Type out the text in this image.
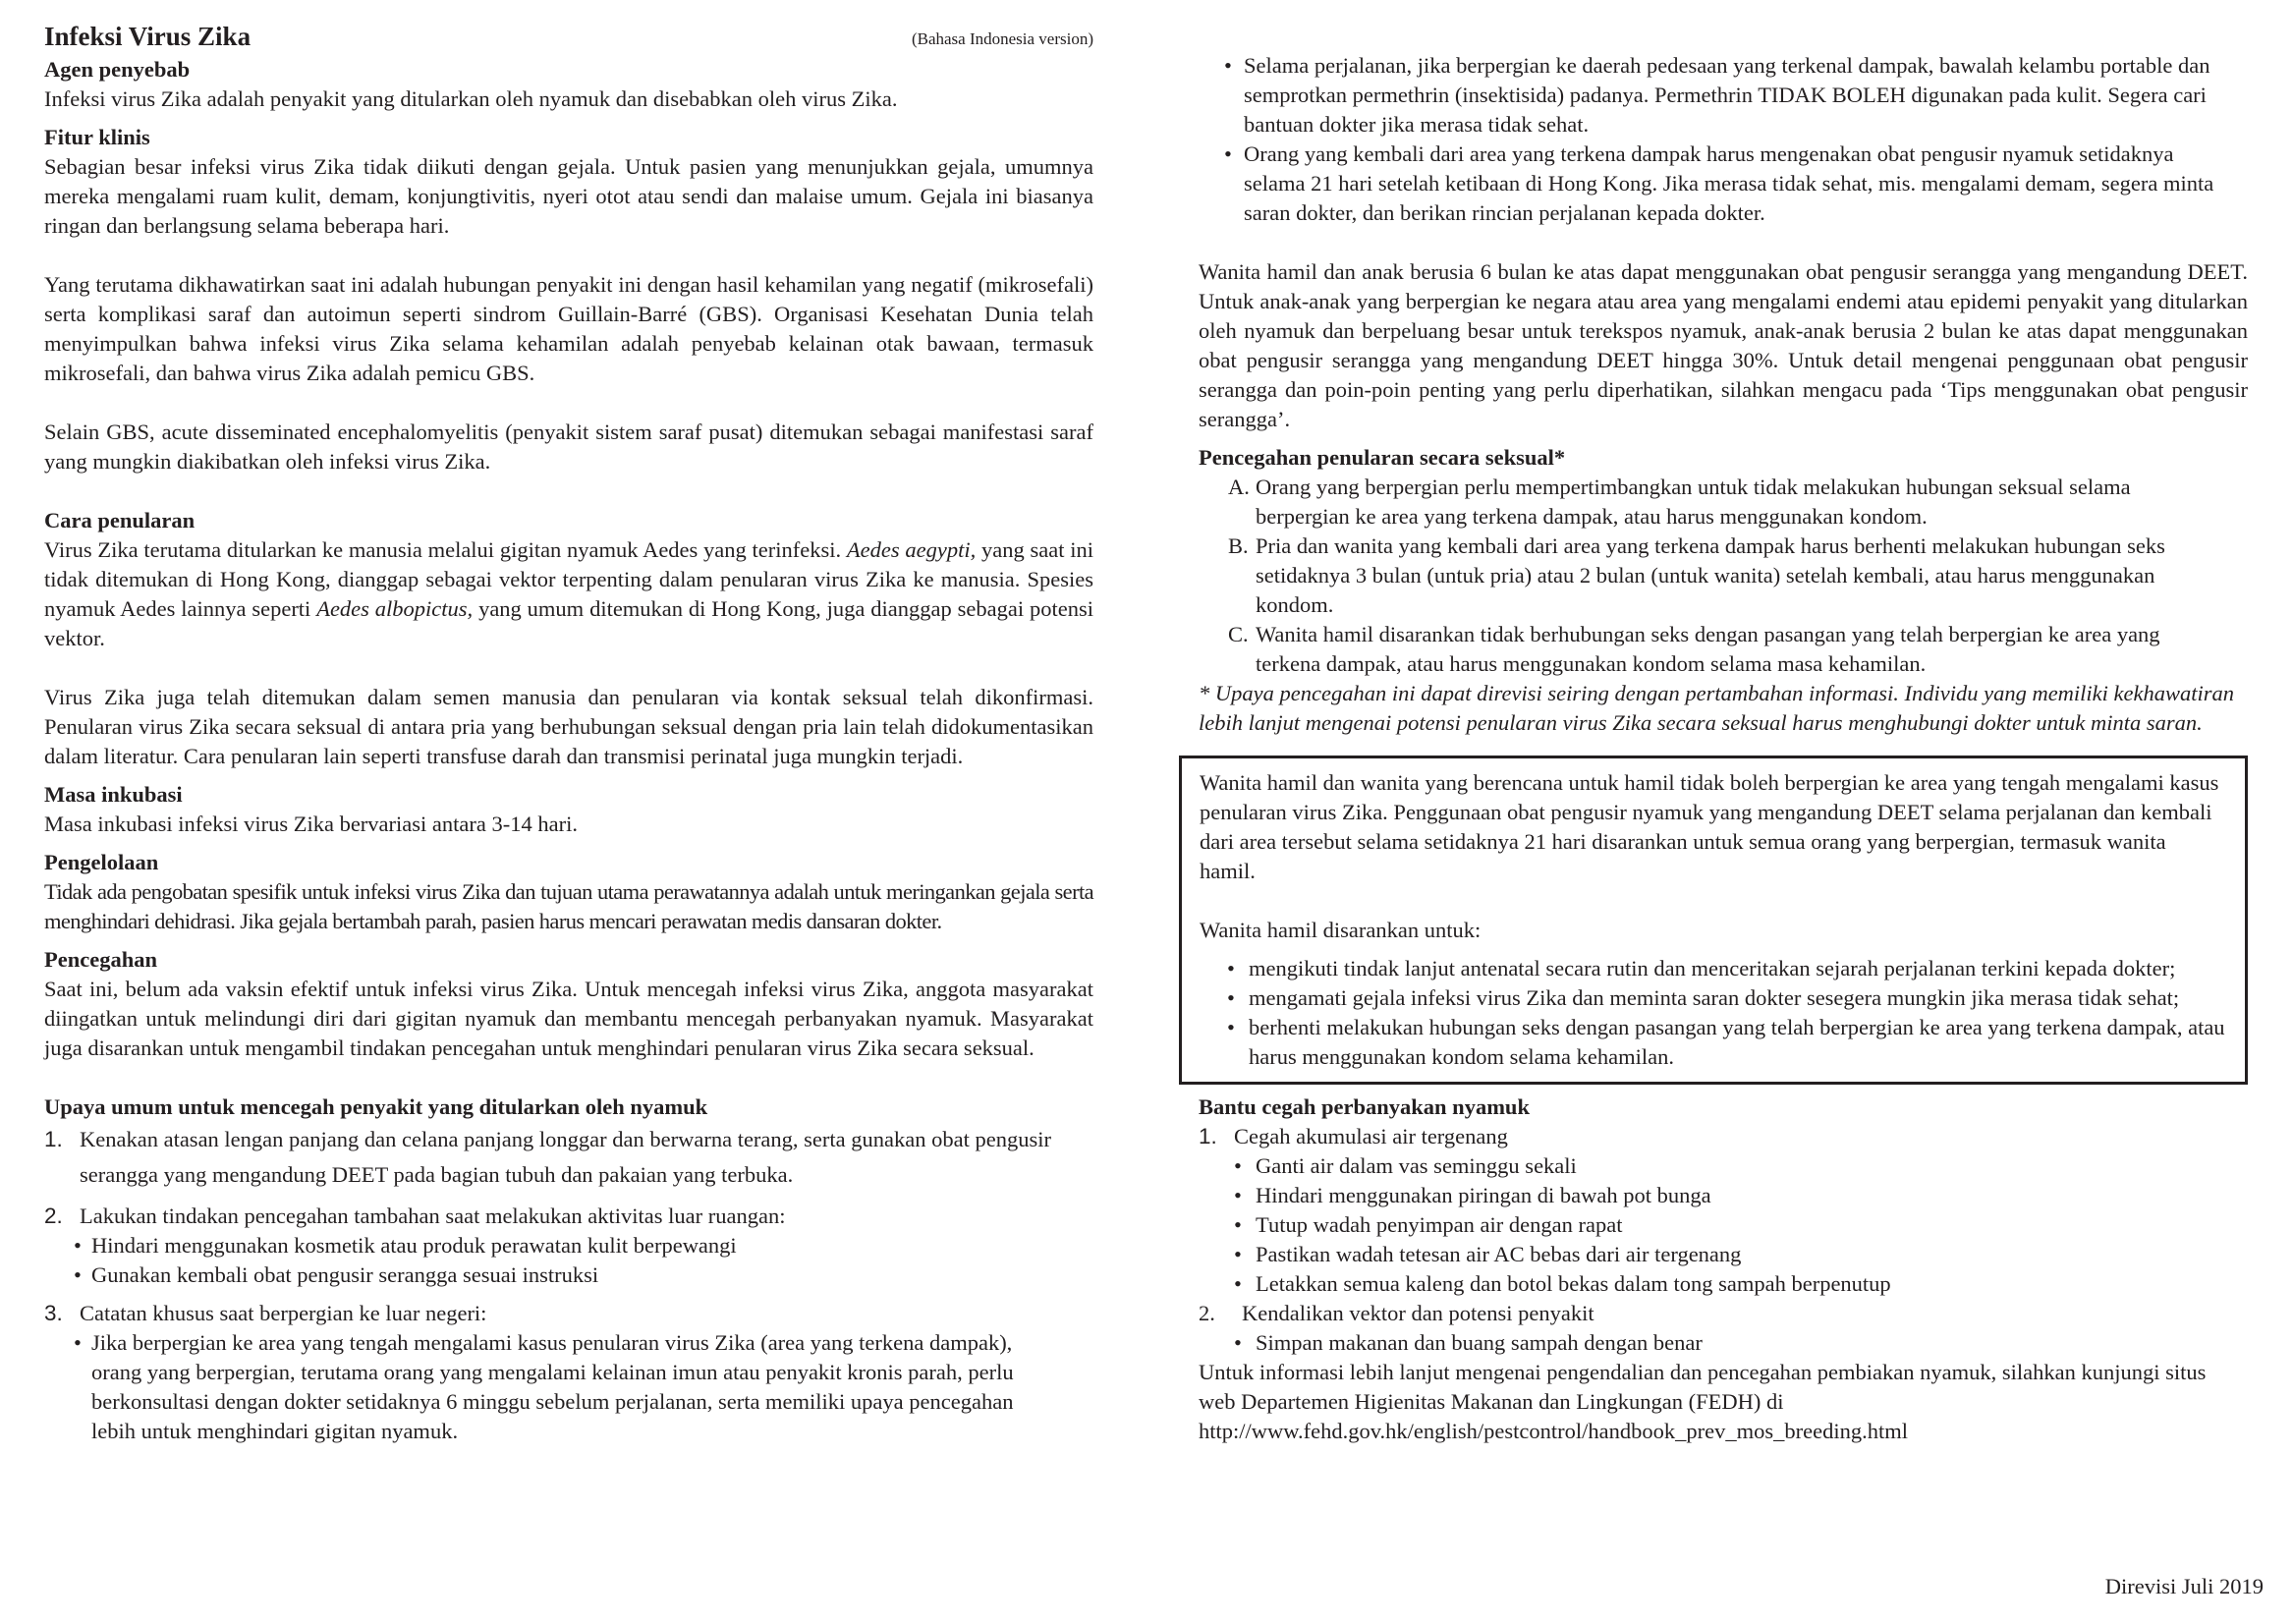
Infeksi Virus Zika	(Bahasa Indonesia version)
Agen penyebab

Infeksi virus Zika adalah penyakit yang ditularkan oleh nyamuk dan disebabkan oleh virus Zika.

Fitur klinis

Sebagian besar infeksi virus Zika tidak diikuti dengan gejala. Untuk pasien yang menunjukkan gejala, umumnya mereka mengalami ruam kulit, demam, konjungtivitis, nyeri otot atau sendi dan malaise umum. Gejala ini biasanya ringan dan berlangsung selama beberapa hari.

Yang terutama dikhawatirkan saat ini adalah hubungan penyakit ini dengan hasil kehamilan yang negatif (mikrosefali) serta komplikasi saraf dan autoimun seperti sindrom Guillain-Barré (GBS). Organisasi Kesehatan Dunia telah menyimpulkan bahwa infeksi virus Zika selama kehamilan adalah penyebab kelainan otak bawaan, termasuk mikrosefali, dan bahwa virus Zika adalah pemicu GBS.

Selain GBS, acute disseminated encephalomyelitis (penyakit sistem saraf pusat) ditemukan sebagai manifestasi saraf yang mungkin diakibatkan oleh infeksi virus Zika.

Cara penularan

Virus Zika terutama ditularkan ke manusia melalui gigitan nyamuk Aedes yang terinfeksi. Aedes aegypti, yang saat ini tidak ditemukan di Hong Kong, dianggap sebagai vektor terpenting dalam penularan virus Zika ke manusia. Spesies nyamuk Aedes lainnya seperti Aedes albopictus, yang umum ditemukan di Hong Kong, juga dianggap sebagai potensi vektor.

Virus Zika juga telah ditemukan dalam semen manusia dan penularan via kontak seksual telah dikonfirmasi. Penularan virus Zika secara seksual di antara pria yang berhubungan seksual dengan pria lain telah didokumentasikan dalam literatur. Cara penularan lain seperti transfuse darah dan transmisi perinatal juga mungkin terjadi.

Masa inkubasi

Masa inkubasi infeksi virus Zika bervariasi antara 3-14 hari.

Pengelolaan

Tidak ada pengobatan spesifik untuk infeksi virus Zika dan tujuan utama perawatannya adalah untuk meringankan gejala serta menghindari dehidrasi. Jika gejala bertambah parah, pasien harus mencari perawatan medis dansaran dokter.

Pencegahan

Saat ini, belum ada vaksin efektif untuk infeksi virus Zika. Untuk mencegah infeksi virus Zika, anggota masyarakat diingatkan untuk melindungi diri dari gigitan nyamuk dan membantu mencegah perbanyakan nyamuk. Masyarakat juga disarankan untuk mengambil tindakan pencegahan untuk menghindari penularan virus Zika secara seksual.

Upaya umum untuk mencegah penyakit yang ditularkan oleh nyamuk
1. Kenakan atasan lengan panjang dan celana panjang longgar dan berwarna terang, serta gunakan obat pengusir serangga yang mengandung DEET pada bagian tubuh dan pakaian yang terbuka.
2. Lakukan tindakan pencegahan tambahan saat melakukan aktivitas luar ruangan:
• Hindari menggunakan kosmetik atau produk perawatan kulit berpewangi
• Gunakan kembali obat pengusir serangga sesuai instruksi
3. Catatan khusus saat berpergian ke luar negeri:
• Jika berpergian ke area yang tengah mengalami kasus penularan virus Zika (area yang terkena dampak), orang yang berpergian, terutama orang yang mengalami kelainan imun atau penyakit kronis parah, perlu berkonsultasi dengan dokter setidaknya 6 minggu sebelum perjalanan, serta memiliki upaya pencegahan lebih untuk menghindari gigitan nyamuk.
• Selama perjalanan, jika berpergian ke daerah pedesaan yang terkenal dampak, bawalah kelambu portable dan semprotkan permethrin (insektisida) padanya. Permethrin TIDAK BOLEH digunakan pada kulit. Segera cari bantuan dokter jika merasa tidak sehat.
• Orang yang kembali dari area yang terkena dampak harus mengenakan obat pengusir nyamuk setidaknya selama 21 hari setelah ketibaan di Hong Kong. Jika merasa tidak sehat, mis. mengalami demam, segera minta saran dokter, dan berikan rincian perjalanan kepada dokter.

Wanita hamil dan anak berusia 6 bulan ke atas dapat menggunakan obat pengusir serangga yang mengandung DEET. Untuk anak-anak yang berpergian ke negara atau area yang mengalami endemi atau epidemi penyakit yang ditularkan oleh nyamuk dan berpeluang besar untuk terekspos nyamuk, anak-anak berusia 2 bulan ke atas dapat menggunakan obat pengusir serangga yang mengandung DEET hingga 30%. Untuk detail mengenai penggunaan obat pengusir serangga dan poin-poin penting yang perlu diperhatikan, silahkan mengacu pada ‘Tips menggunakan obat pengusir serangga’.

Pencegahan penularan secara seksual*
A. Orang yang berpergian perlu mempertimbangkan untuk tidak melakukan hubungan seksual selama berpergian ke area yang terkena dampak, atau harus menggunakan kondom.
B. Pria dan wanita yang kembali dari area yang terkena dampak harus berhenti melakukan hubungan seks setidaknya 3 bulan (untuk pria) atau 2 bulan (untuk wanita) setelah kembali, atau harus menggunakan kondom.
C. Wanita hamil disarankan tidak berhubungan seks dengan pasangan yang telah berpergian ke area yang terkena dampak, atau harus menggunakan kondom selama masa kehamilan.

* Upaya pencegahan ini dapat direvisi seiring dengan pertambahan informasi. Individu yang memiliki kekhawatiran lebih lanjut mengenai potensi penularan virus Zika secara seksual harus menghubungi dokter untuk minta saran.

Wanita hamil dan wanita yang berencana untuk hamil tidak boleh berpergian ke area yang tengah mengalami kasus penularan virus Zika. Penggunaan obat pengusir nyamuk yang mengandung DEET selama perjalanan dan kembali dari area tersebut selama setidaknya 21 hari disarankan untuk semua orang yang berpergian, termasuk wanita hamil.

Wanita hamil disarankan untuk:

• mengikuti tindak lanjut antenatal secara rutin dan menceritakan sejarah perjalanan terkini kepada dokter;
• mengamati gejala infeksi virus Zika dan meminta saran dokter sesegera mungkin jika merasa tidak sehat;
• berhenti melakukan hubungan seks dengan pasangan yang telah berpergian ke area yang terkena dampak, atau harus menggunakan kondom selama kehamilan.
Bantu cegah perbanyakan nyamuk
1. Cegah akumulasi air tergenang
• Ganti air dalam vas seminggu sekali
• Hindari menggunakan piringan di bawah pot bunga
• Tutup wadah penyimpan air dengan rapat
• Pastikan wadah tetesan air AC bebas dari air tergenang
• Letakkan semua kaleng dan botol bekas dalam tong sampah berpenutup
2. Kendalikan vektor dan potensi penyakit
• Simpan makanan dan buang sampah dengan benar

Untuk informasi lebih lanjut mengenai pengendalian dan pencegahan pembiakan nyamuk, silahkan kunjungi situs web Departemen Higienitas Makanan dan Lingkungan (FEDH) di

http://www.fehd.gov.hk/english/pestcontrol/handbook_prev_mos_breeding.html

Direvisi Juli 2019
